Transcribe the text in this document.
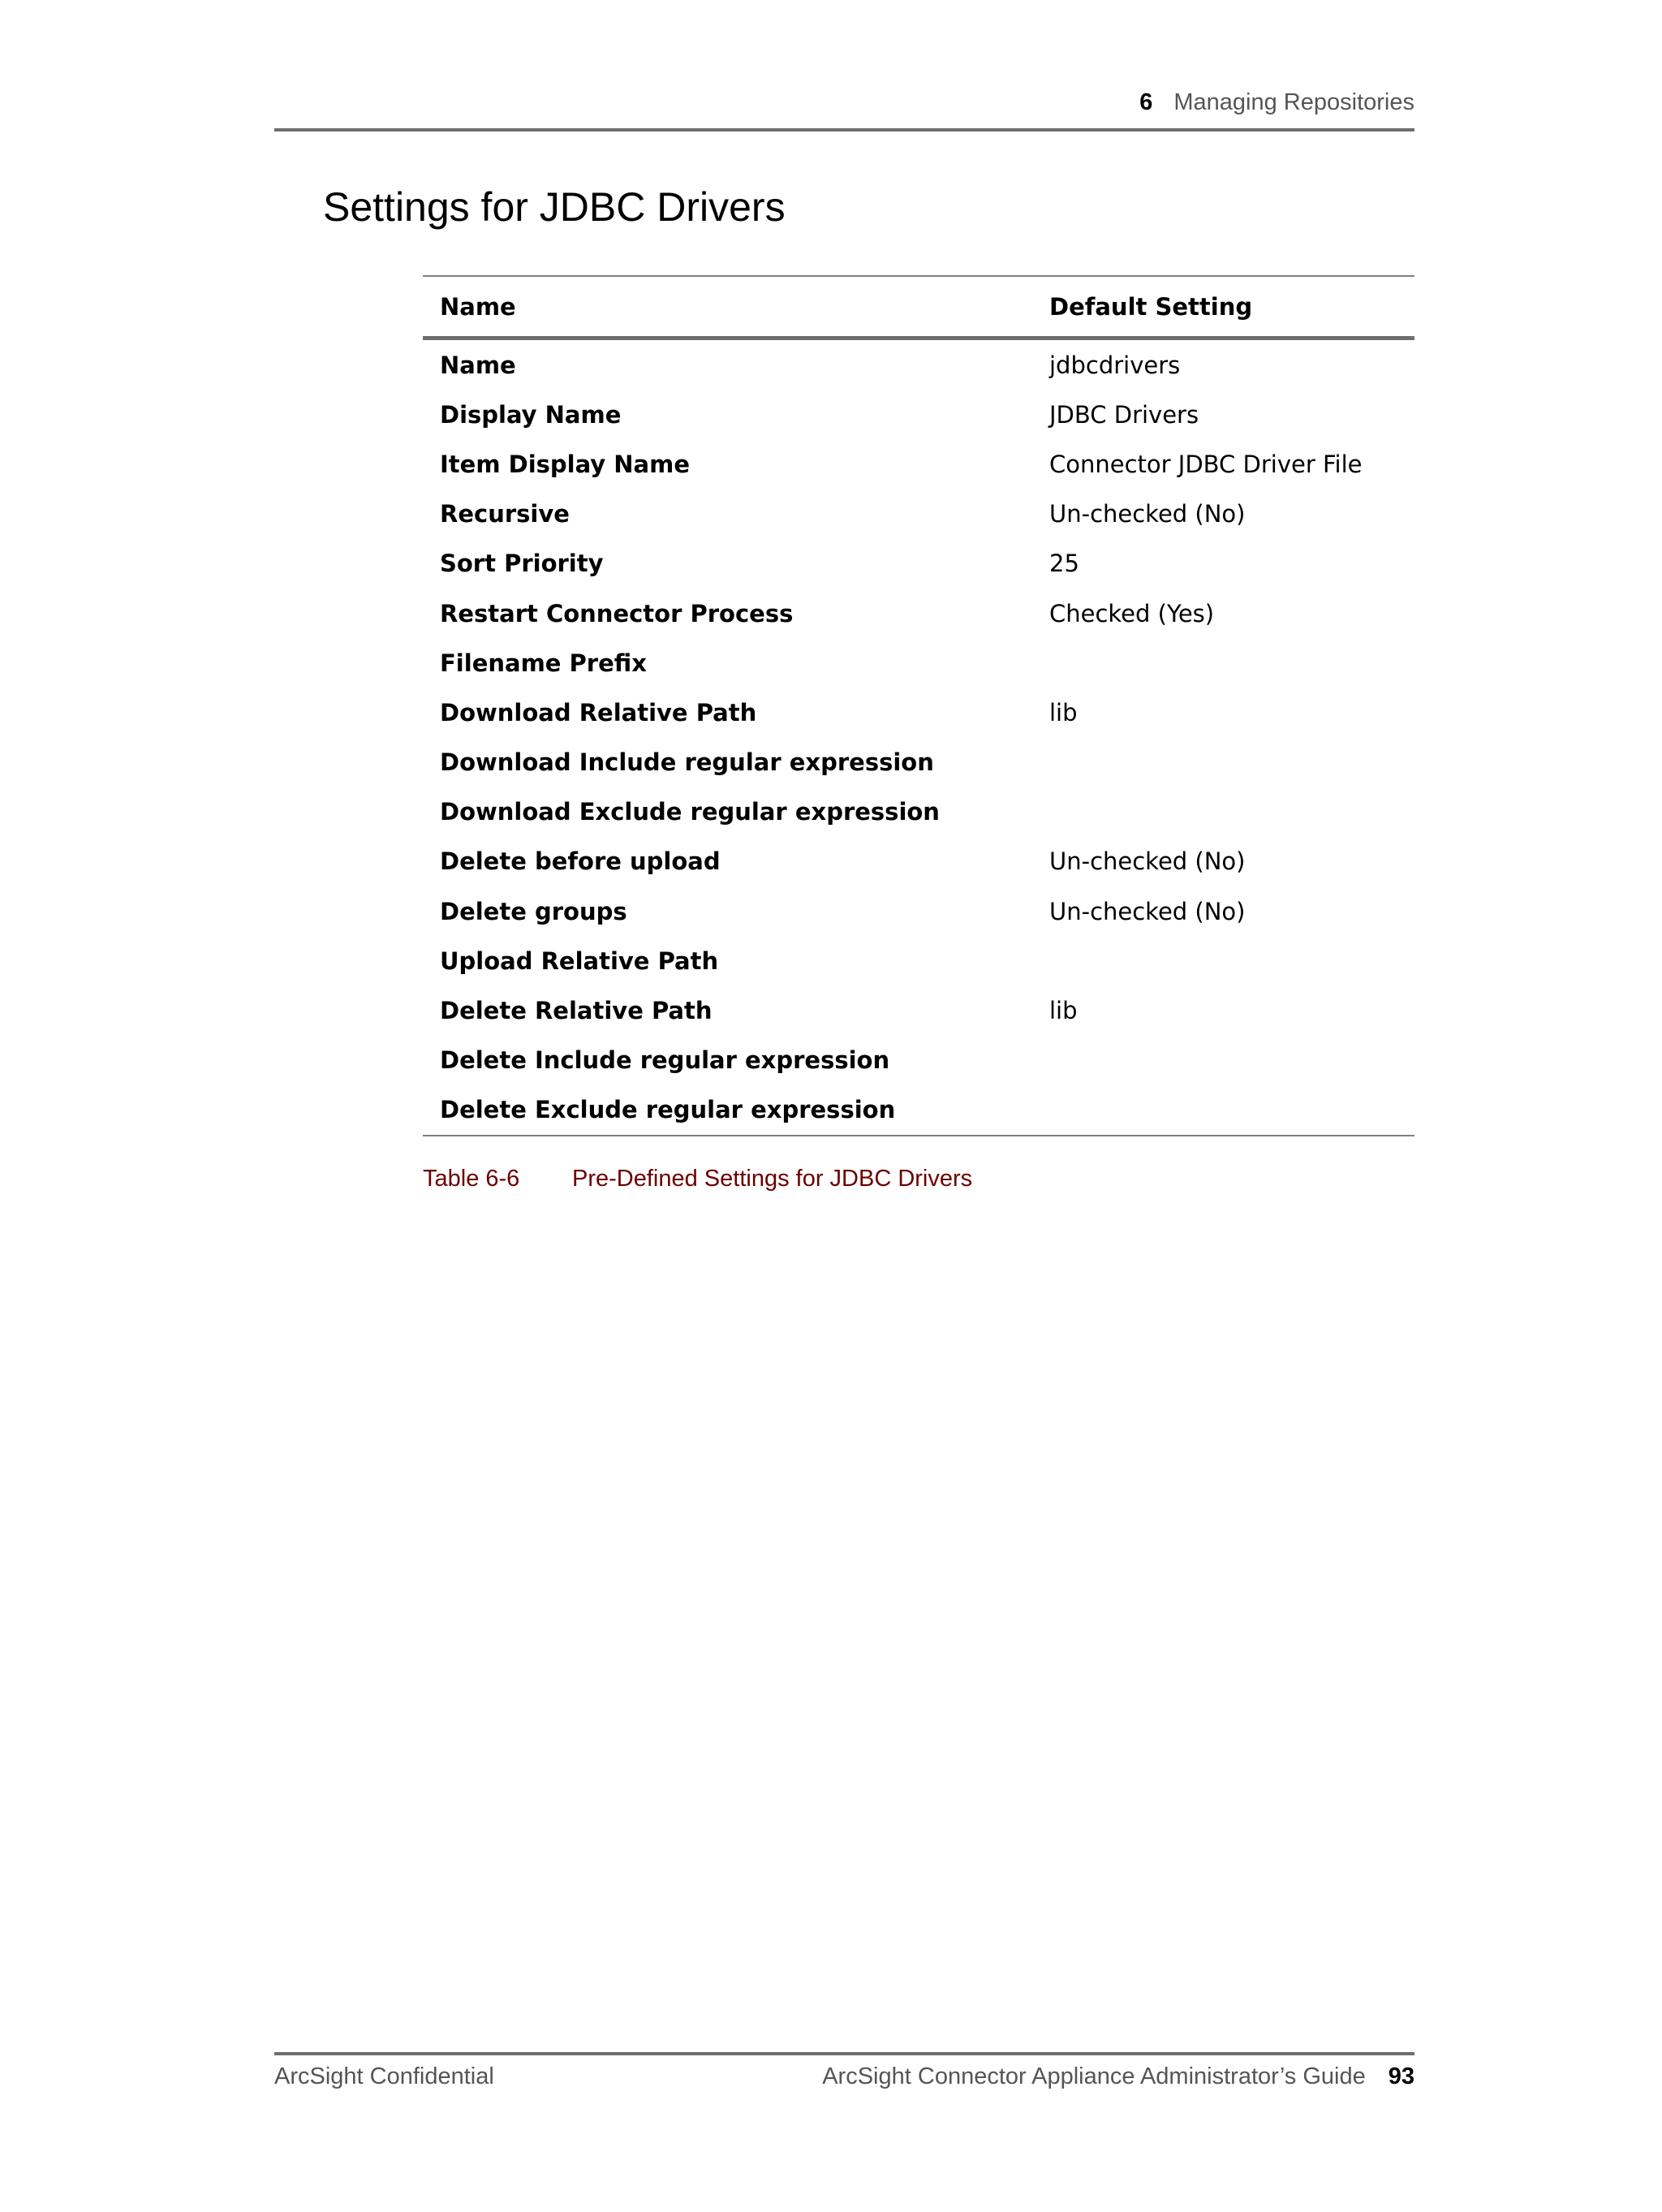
6 Managing Repositories
Settings for JDBC Drivers
Name	Default Setting
Name	jdbcdrivers
Display Name	JDBC Drivers
Item Display Name	Connector JDBC Driver File
Recursive	Un-checked (No)
Sort Priority	25
Restart Connector Process	Checked (Yes)
Filename Prefix	
Download Relative Path	lib
Download Include regular expression	
Download Exclude regular expression	
Delete before upload	Un-checked (No)
Delete groups	Un-checked (No)
Upload Relative Path	
Delete Relative Path	lib
Delete Include regular expression	
Delete Exclude regular expression	
Table 6-6 Pre-Defined Settings for JDBC Drivers
ArcSight Confidential	ArcSight Connector Appliance Administrator’s Guide 93
